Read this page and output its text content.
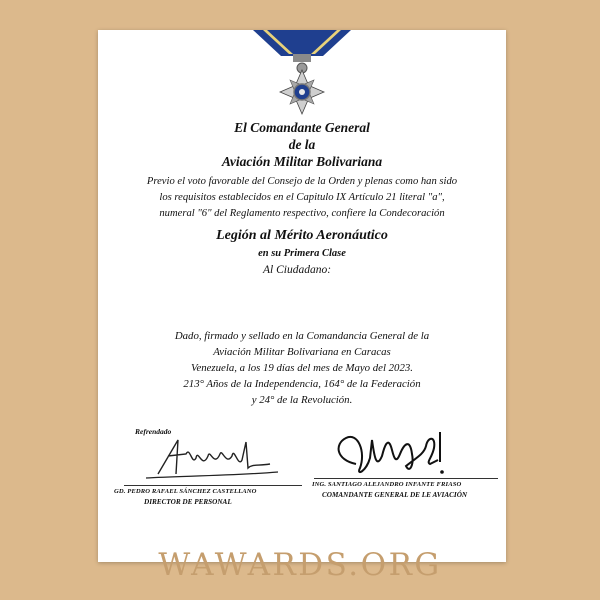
El Comandante General
de la
Aviación Militar Bolivariana
Previo el voto favorable del Consejo de la Orden y plenas como han sido
los requisitos establecidos en el Capitulo IX Artículo 21 literal "a",
numeral "6" del Reglamento respectivo, confiere la Condecoración
Legión al Mérito Aeronáutico
en su Primera Clase
Al Ciudadano:
Dado, firmado y sellado en la Comandancia General de la
Aviación Militar Bolivariana en Caracas
Venezuela, a los 19 días del mes de Mayo del 2023.
213° Años de la Independencia, 164° de la Federación
y 24° de la Revolución.
Refrendado
GD. PEDRO RAFAEL SÁNCHEZ CASTELLANO
DIRECTOR DE PERSONAL
ING. SANTIAGO ALEJANDRO INFANTE FRIASO
COMANDANTE GENERAL DE LE AVIACIÓN
WAWARDS.ORG
